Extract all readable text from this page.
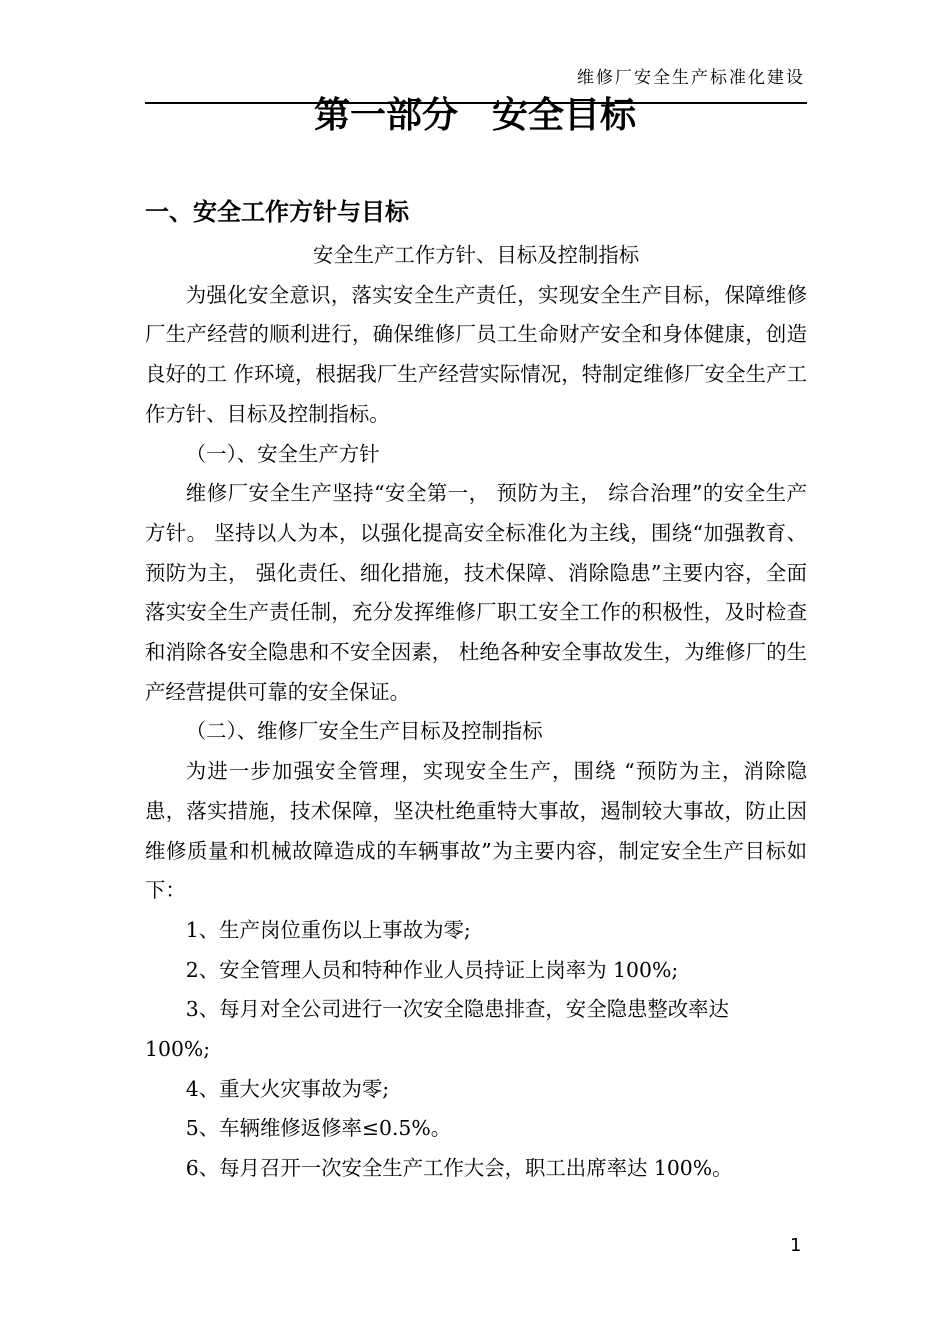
维修厂安全生产标准化建设
第一部分 安全目标
一、安全工作方针与目标

安全生产工作方针、目标及控制指标

为强化安全意识，落实安全生产责任，实现安全生产目标，保障维修厂生产经营的顺利进行，确保维修厂员工生命财产安全和身体健康，创造良好的工 作环境，根据我厂生产经营实际情况，特制定维修厂安全生产工作方针、目标及控制指标。

（一）、安全生产方针

维修厂安全生产坚持“安全第一， 预防为主， 综合治理”的安全生产方针。 坚持以人为本，以强化提高安全标准化为主线，围绕“加强教育、预防为主， 强化责任、细化措施，技术保障、消除隐患”主要内容，全面落实安全生产责任制，充分发挥维修厂职工安全工作的积极性，及时检查和消除各安全隐患和不安全因素， 杜绝各种安全事故发生，为维修厂的生产经营提供可靠的安全保证。

（二）、维修厂安全生产目标及控制指标

为进一步加强安全管理，实现安全生产，围绕 “预防为主，消除隐患，落实措施，技术保障，坚决杜绝重特大事故，遏制较大事故，防止因维修质量和机械故障造成的车辆事故”为主要内容，制定安全生产目标如下：

1、生产岗位重伤以上事故为零;

2、安全管理人员和特种作业人员持证上岗率为 100%;

3、每月对全公司进行一次安全隐患排查，安全隐患整改率达

100%;

4、重大火灾事故为零;

5、车辆维修返修率≤0.5%。

6、每月召开一次安全生产工作大会，职工出席率达 100%。

1
